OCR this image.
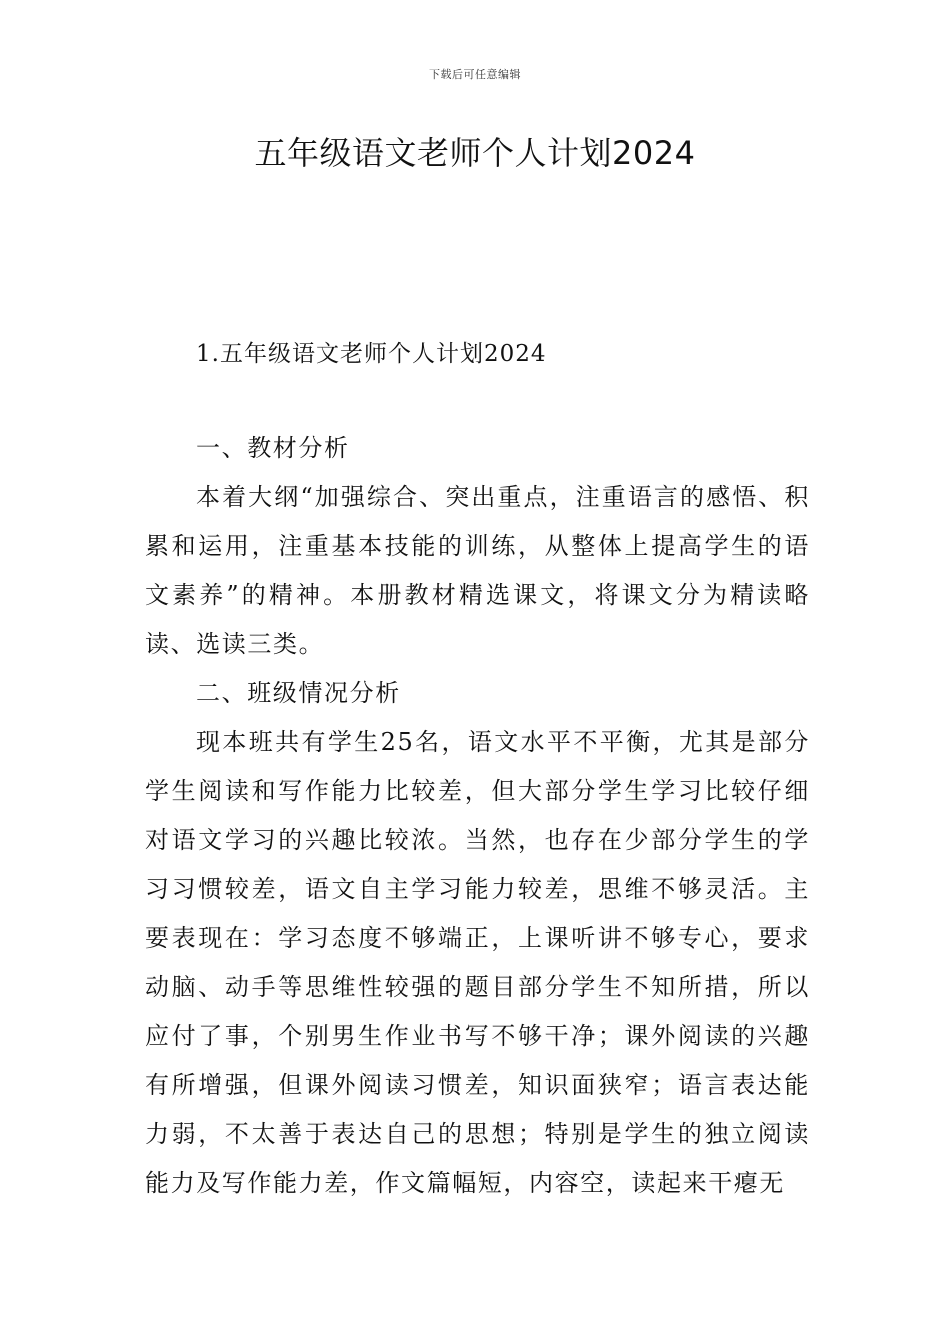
下载后可任意编辑
五年级语文老师个人计划2024
1.五年级语文老师个人计划2024

一、教材分析

本着大纲“加强综合、突出重点，注重语言的感悟、积累和运用，注重基本技能的训练，从整体上提高学生的语文素养”的精神。本册教材精选课文，将课文分为精读略读、选读三类。

二、班级情况分析

现本班共有学生25名，语文水平不平衡，尤其是部分学生阅读和写作能力比较差，但大部分学生学习比较仔细对语文学习的兴趣比较浓。当然，也存在少部分学生的学习习惯较差，语文自主学习能力较差，思维不够灵活。主要表现在：学习态度不够端正，上课听讲不够专心，要求动脑、动手等思维性较强的题目部分学生不知所措，所以应付了事，个别男生作业书写不够干净；课外阅读的兴趣有所增强，但课外阅读习惯差，知识面狭窄；语言表达能力弱，不太善于表达自己的思想；特别是学生的独立阅读能力及写作能力差，作文篇幅短，内容空，读起来干瘪无
